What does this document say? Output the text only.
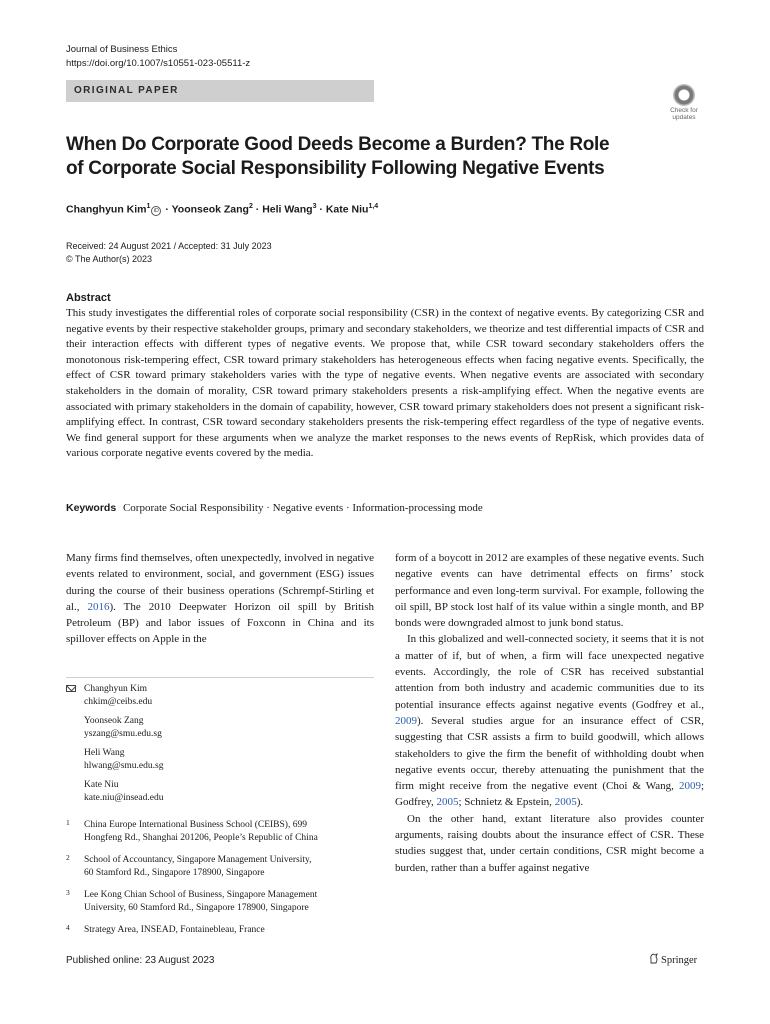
Journal of Business Ethics
https://doi.org/10.1007/s10551-023-05511-z
ORIGINAL PAPER
Check for
updates
When Do Corporate Good Deeds Become a Burden? The Role
of Corporate Social Responsibility Following Negative Events
Changhyun Kim$^1$iD · Yoonseok Zang$^2$ · Heli Wang$^3$ · Kate Niu$^{1,4}$
Received: 24 August 2021 / Accepted: 31 July 2023
© The Author(s) 2023
Abstract
This study investigates the differential roles of corporate social responsibility (CSR) in the context of negative events. By categorizing CSR and negative events by their respective stakeholder groups, primary and secondary stakeholders, we theorize and test differential impacts of CSR and their interaction effects with different types of negative events. We propose that, while CSR toward secondary stakeholders offers the monotonous risk-tempering effect, CSR toward primary stakeholders has heterogeneous effects when facing negative events. Specifically, the effect of CSR toward primary stakeholders varies with the type of negative events. When negative events are associated with secondary stakeholders in the domain of morality, CSR toward primary stakeholders presents a risk-amplifying effect. When the negative events are associated with primary stakeholders in the domain of capability, however, CSR toward primary stakeholders does not present a significant risk-amplifying effect. In contrast, CSR toward secondary stakeholders presents the risk-tempering effect regardless of the type of negative events. We find general support for these arguments when we analyze the market responses to the news events of RepRisk, which provides data of various corporate negative events covered by the media.
Keywords Corporate Social Responsibility · Negative events · Information-processing mode

Many firms find themselves, often unexpectedly, involved in negative events related to environment, social, and government (ESG) issues during the course of their business operations (Schrempf-Stirling et al., 2016). The 2010 Deepwater Horizon oil spill by British Petroleum (BP) and labor issues of Foxconn in China and its spillover effects on Apple in the

Changhyun Kim
chkim@ceibs.edu
Yoonseok Zang
yszang@smu.edu.sg
Heli Wang
hlwang@smu.edu.sg
Kate Niu
kate.niu@insead.edu
1 China Europe International Business School (CEIBS), 699
Hongfeng Rd., Shanghai 201206, People’s Republic of China
2 School of Accountancy, Singapore Management University,
60 Stamford Rd., Singapore 178900, Singapore
3 Lee Kong Chian School of Business, Singapore Management
University, 60 Stamford Rd., Singapore 178900, Singapore
4 Strategy Area, INSEAD, Fontainebleau, France

form of a boycott in 2012 are examples of these negative events. Such negative events can have detrimental effects on firms’ stock performance and even long-term survival. For example, following the oil spill, BP stock lost half of its value within a single month, and BP bonds were downgraded almost to junk bond status.

In this globalized and well-connected society, it seems that it is not a matter of if, but of when, a firm will face unexpected negative events. Accordingly, the role of CSR has received substantial attention from both industry and academic communities due to its potential insurance effects against negative events (Godfrey et al., 2009). Several studies argue for an insurance effect of CSR, suggesting that CSR assists a firm to build goodwill, which allows stakeholders to give the firm the benefit of withholding doubt when negative events occur, thereby attenuating the punishment that the firm might receive from the negative event (Choi & Wang, 2009; Godfrey, 2005; Schnietz & Epstein, 2005).

On the other hand, extant literature also provides counter arguments, raising doubts about the insurance effect of CSR. These studies suggest that, under certain conditions, CSR might become a burden, rather than a buffer against negative

Published online: 23 August 2023	Springer
